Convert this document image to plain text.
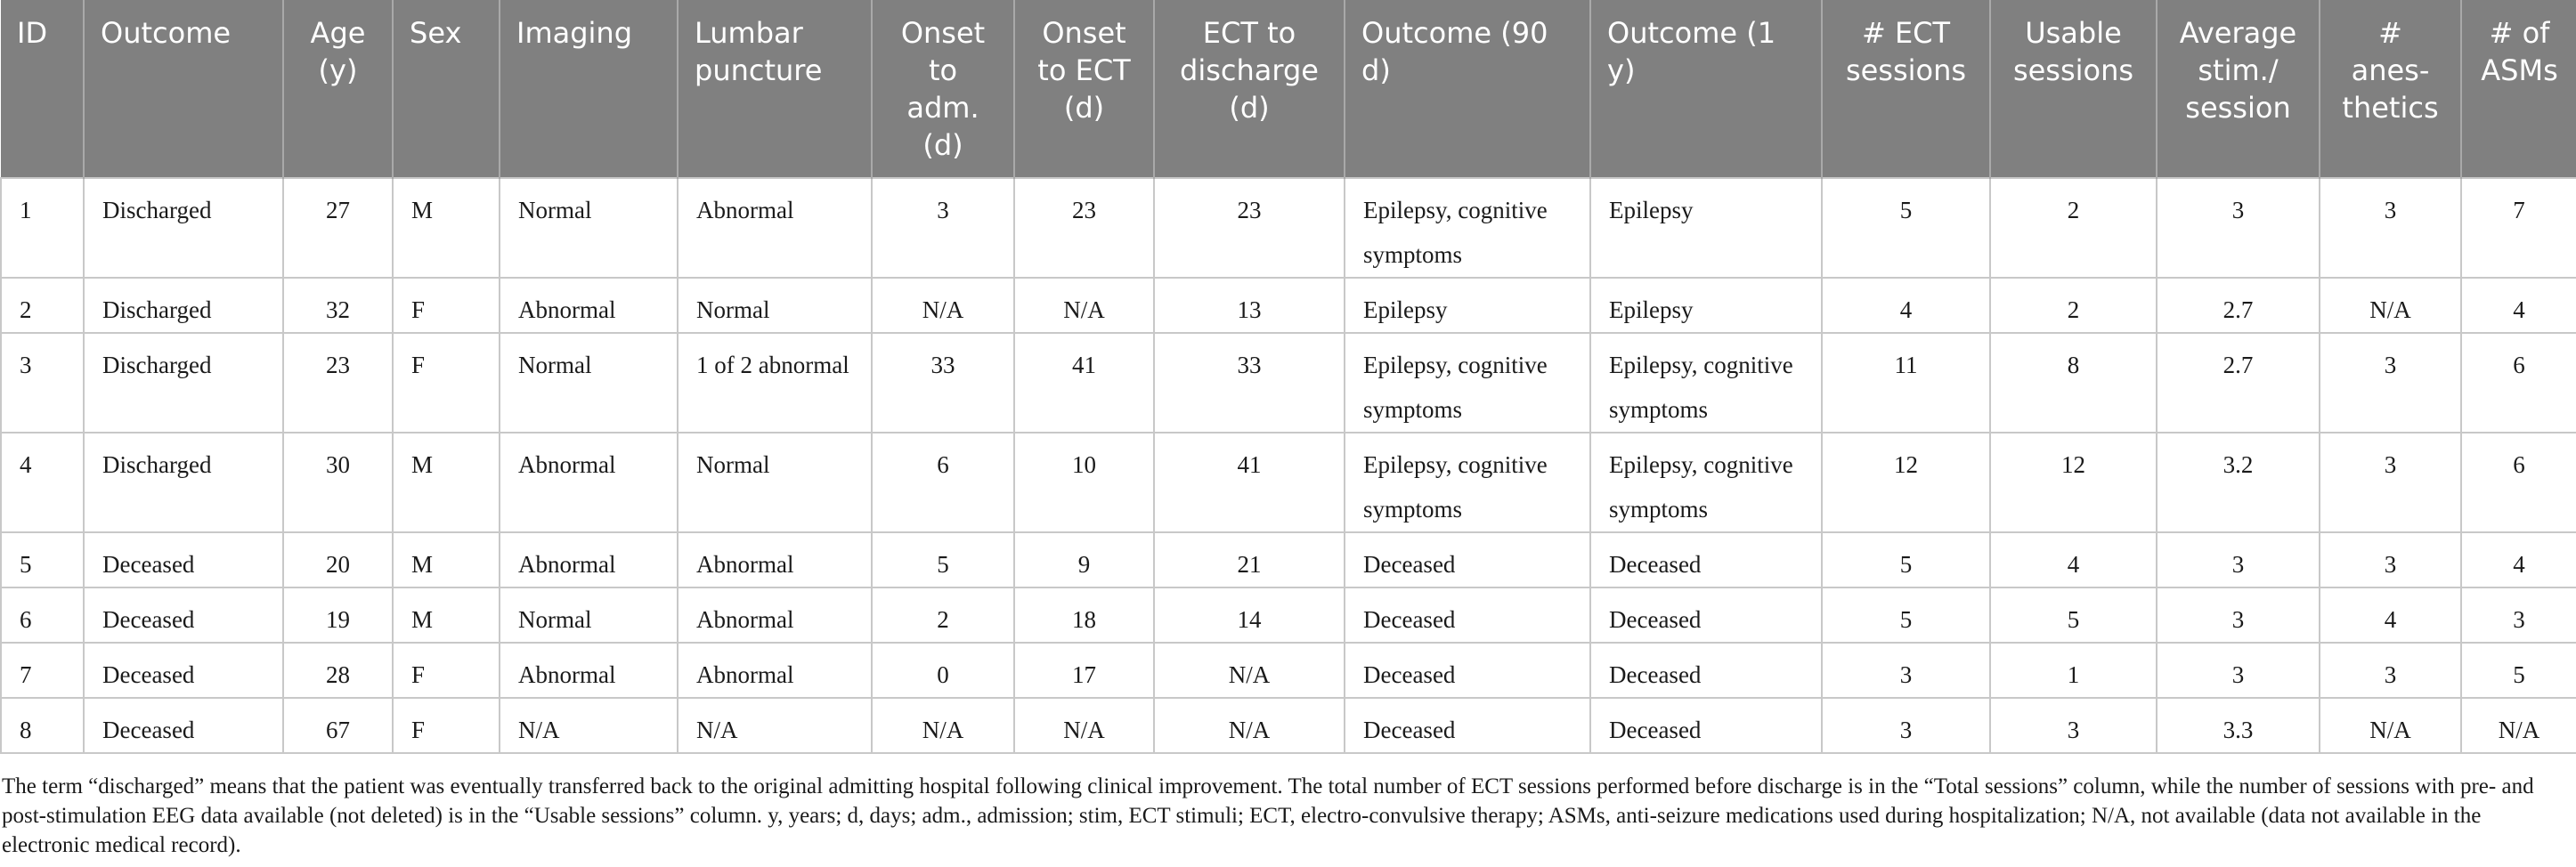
ID	Outcome	Age (y)	Sex	Imaging	Lumbar puncture	Onset to adm. (d)	Onset to ECT (d)	ECT to discharge (d)	Outcome (90 d)	Outcome (1 y)	# ECT sessions	Usable sessions	Average stim./ session	# anes-thetics	# of ASMs
1	Discharged	27	M	Normal	Abnormal	3	23	23	Epilepsy, cognitive symptoms	Epilepsy	5	2	3	3	7
2	Discharged	32	F	Abnormal	Normal	N/A	N/A	13	Epilepsy	Epilepsy	4	2	2.7	N/A	4
3	Discharged	23	F	Normal	1 of 2 abnormal	33	41	33	Epilepsy, cognitive symptoms	Epilepsy, cognitive symptoms	11	8	2.7	3	6
4	Discharged	30	M	Abnormal	Normal	6	10	41	Epilepsy, cognitive symptoms	Epilepsy, cognitive symptoms	12	12	3.2	3	6
5	Deceased	20	M	Abnormal	Abnormal	5	9	21	Deceased	Deceased	5	4	3	3	4
6	Deceased	19	M	Normal	Abnormal	2	18	14	Deceased	Deceased	5	5	3	4	3
7	Deceased	28	F	Abnormal	Abnormal	0	17	N/A	Deceased	Deceased	3	1	3	3	5
8	Deceased	67	F	N/A	N/A	N/A	N/A	N/A	Deceased	Deceased	3	3	3.3	N/A	N/A
The term “discharged” means that the patient was eventually transferred back to the original admitting hospital following clinical improvement. The total number of ECT sessions performed before discharge is in the “Total sessions” column, while the number of sessions with pre- and post-stimulation EEG data available (not deleted) is in the “Usable sessions” column. y, years; d, days; adm., admission; stim, ECT stimuli; ECT, electro-convulsive therapy; ASMs, anti-seizure medications used during hospitalization; N/A, not available (data not available in the electronic medical record).
